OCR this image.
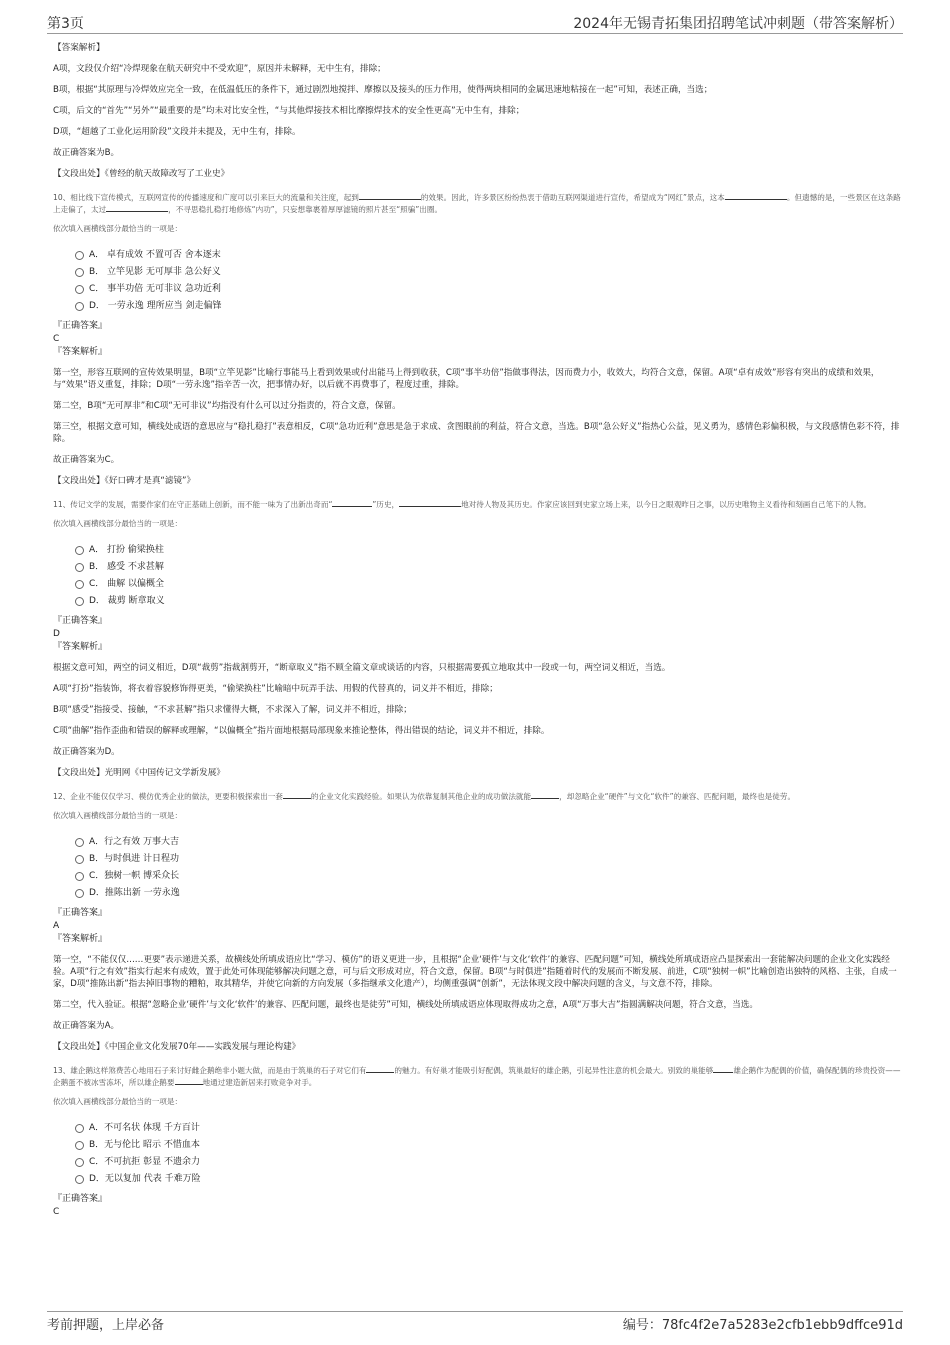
第3页	2024年无锡青拓集团招聘笔试冲刺题（带答案解析）

【答案解析】

A项，文段仅介绍“冷焊现象在航天研究中不受欢迎”，原因并未解释，无中生有，排除；

B项，根据“其原理与冷焊效应完全一致，在低温低压的条件下，通过剧烈地搅拌、摩擦以及接头的压力作用，使得两块相同的金属迅速地粘接在一起”可知，表述正确，当选；

C项，后文的“首先”“另外”“最重要的是”均未对比安全性，“与其他焊接技术相比摩擦焊技术的安全性更高”无中生有，排除；

D项，“超越了工业化运用阶段”文段并未提及，无中生有，排除。

故正确答案为B。

【文段出处】《曾经的航天故障改写了工业史》

10、相比线下宣传模式，互联网宣传的传播速度和广度可以引来巨大的流量和关注度，起到	的效果。因此，许多景区纷纷热衷于借助互联网渠道进行宣传，希望成为“网红”景点，这本	。但遗憾的是，一些景区在这条路上走偏了，太过	，不寻思稳扎稳打地修炼“内功”，只妄想靠裹着厚厚滤镜的照片甚至“照骗”出圈。

依次填入画横线部分最恰当的一项是：

A． 卓有成效 不置可否 舍本逐末
B． 立竿见影 无可厚非 急公好义
C． 事半功倍 无可非议 急功近利
D． 一劳永逸 理所应当 剑走偏锋

『正确答案』

C

『答案解析』

第一空，形容互联网的宣传效果明显，B项“立竿见影”比喻行事能马上看到效果或付出能马上得到收获，C项“事半功倍”指做事得法，因而费力小，收效大，均符合文意，保留。A项“卓有成效”形容有突出的成绩和效果，与“效果”语义重复，排除；D项“一劳永逸”指辛苦一次，把事情办好，以后就不再费事了，程度过重，排除。

第二空，B项“无可厚非”和C项“无可非议”均指没有什么可以过分指责的，符合文意，保留。

第三空，根据文意可知，横线处成语的意思应与“稳扎稳打”表意相反，C项“急功近利”意思是急于求成、贪图眼前的利益，符合文意，当选。B项“急公好义”指热心公益，见义勇为，感情色彩偏积极，与文段感情色彩不符，排除。

故正确答案为C。

【文段出处】《好口碑才是真“滤镜”》

11、传记文学的发展，需要作家们在守正基础上创新，而不能一味为了出新出奇而“	”历史，	地对待人物及其历史。作家应该回到史家立场上来，以今日之眼观昨日之事，以历史唯物主义看待和刻画自己笔下的人物。

依次填入画横线部分最恰当的一项是：

A． 打扮 偷梁换柱
B． 感受 不求甚解
C． 曲解 以偏概全
D． 裁剪 断章取义

『正确答案』

D

『答案解析』

根据文意可知，两空的词义相近，D项“裁剪”指裁割剪开，“断章取义”指不顾全篇文章或谈话的内容，只根据需要孤立地取其中一段或一句，两空词义相近，当选。

A项“打扮”指装饰，将衣着容貌修饰得更美，“偷梁换柱”比喻暗中玩弄手法、用假的代替真的，词义并不相近，排除；

B项“感受”指接受、接触，“不求甚解”指只求懂得大概，不求深入了解，词义并不相近，排除；

C项“曲解”指作歪曲和错误的解释或理解，“以偏概全”指片面地根据局部现象来推论整体，得出错误的结论，词义并不相近，排除。

故正确答案为D。

【文段出处】光明网《中国传记文学新发展》

12、企业不能仅仅学习、模仿优秀企业的做法，更要积极探索出一套	的企业文化实践经验。如果认为依靠复制其他企业的成功做法就能	，却忽略企业“硬件”与文化“软件”的兼容、匹配问题，最终也是徒劳。

依次填入画横线部分最恰当的一项是：

A．行之有效 万事大吉
B．与时俱进 计日程功
C．独树一帜 博采众长
D．推陈出新 一劳永逸

『正确答案』

A

『答案解析』

第一空，“不能仅仅……更要”表示递进关系，故横线处所填成语应比“学习、模仿”的语义更进一步，且根据“企业‘硬件’与文化‘软件’的兼容、匹配问题”可知，横线处所填成语应凸显探索出一套能解决问题的企业文化实践经验。A项“行之有效”指实行起来有成效，置于此处可体现能够解决问题之意，可与后文形成对应，符合文意，保留。B项“与时俱进”指随着时代的发展而不断发展、前进，C项“独树一帜”比喻创造出独特的风格、主张，自成一家，D项“推陈出新”指去掉旧事物的糟粕，取其精华，并使它向新的方向发展（多指继承文化遗产），均侧重强调“创新”，无法体现文段中解决问题的含义，与文意不符，排除。

第二空，代入验证。根据“忽略企业‘硬件’与文化‘软件’的兼容、匹配问题，最终也是徒劳”可知，横线处所填成语应体现取得成功之意，A项“万事大吉”指圆满解决问题，符合文意，当选。

故正确答案为A。

【文段出处】《中国企业文化发展70年——实践发展与理论构建》

13、雄企鹅这样煞费苦心地用石子来讨好雌企鹅绝非小题大做，而是由于筑巢的石子对它们有	的魅力。有好巢才能吸引好配偶，筑巢最好的雄企鹅，引起异性注意的机会最大。别致的巢能够	雄企鹅作为配偶的价值，确保配偶的珍贵投资——企鹅蛋不被冰雪冻坏，所以雄企鹅要	地通过建造新居来打败竞争对手。

依次填入画横线部分最恰当的一项是：

A．不可名状 体现 千方百计
B．无与伦比 昭示 不惜血本
C．不可抗拒 彰显 不遗余力
D．无以复加 代表 千难万险

『正确答案』

C

考前押题，上岸必备	编号：78fc4f2e7a5283e2cfb1ebb9dffce91d
